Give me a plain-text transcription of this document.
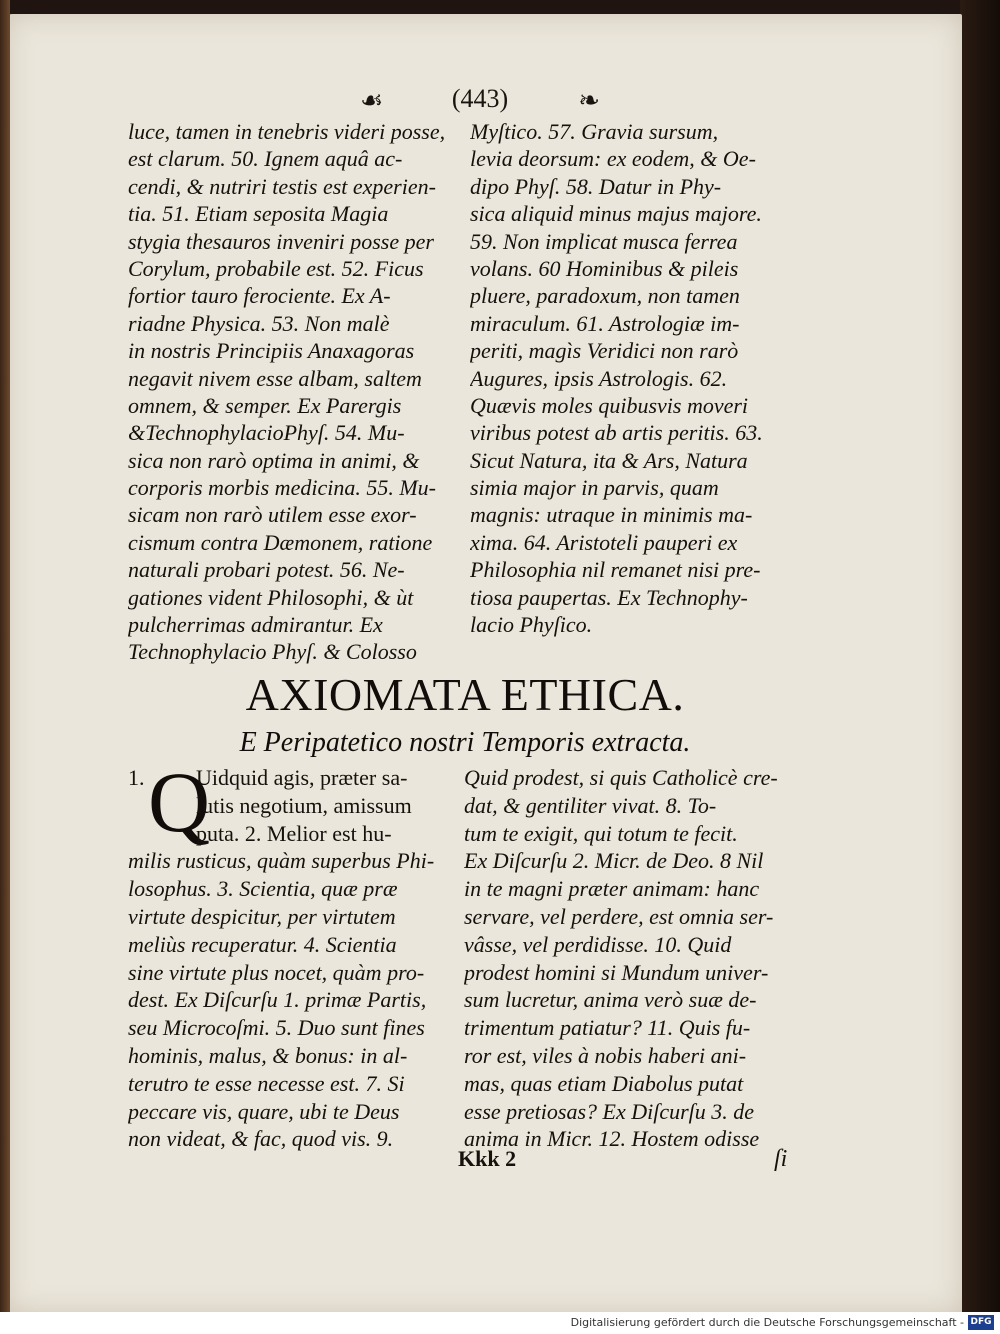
☙	(443)	❧
luce, tamen in tenebris videri posse,
est clarum. 50. Ignem aquâ ac-
cendi, & nutriri testis est experien-
tia. 51. Etiam seposita Magia
stygia thesauros inveniri posse per
Corylum, probabile est. 52. Ficus
fortior tauro ferociente. Ex A-
riadne Physica. 53. Non malè
in nostris Principiis Anaxagoras
negavit nivem esse albam, saltem
omnem, & semper. Ex Parergis
&TechnophylacioPhyſ. 54. Mu-
sica non rarò optima in animi, &
corporis morbis medicina. 55. Mu-
sicam non rarò utilem esse exor-
cismum contra Dæmonem, ratione
naturali probari potest. 56. Ne-
gationes vident Philosophi, & ùt
pulcherrimas admirantur. Ex
Technophylacio Phyſ. & Colosso
Myſtico. 57. Gravia sursum,
levia deorsum: ex eodem, & Oe-
dipo Phyſ. 58. Datur in Phy-
sica aliquid minus majus majore.
59. Non implicat musca ferrea
volans. 60 Hominibus & pileis
pluere, paradoxum, non tamen
miraculum. 61. Astrologiæ im-
periti, magìs Veridici non rarò
Augures, ipsis Astrologis. 62.
Quævis moles quibusvis moveri
viribus potest ab artis peritis. 63.
Sicut Natura, ita & Ars, Natura
simia major in parvis, quam
magnis: utraque in minimis ma-
xima. 64. Aristoteli pauperi ex
Philosophia nil remanet nisi pre-
tiosa paupertas. Ex Technophy-
lacio Phyſico.
AXIOMATA ETHICA.
E Peripatetico nostri Temporis extracta.
Q
1.
milis rusticus, quàm superbus Phi-
losophus. 3. Scientia, quæ præ
virtute despicitur, per virtutem
meliùs recuperatur. 4. Scientia
sine virtute plus nocet, quàm pro-
dest. Ex Diſcurſu 1. primæ Partis,
seu Microcoſmi. 5. Duo sunt fines
hominis, malus, & bonus: in al-
terutro te esse necesse est. 7. Si
peccare vis, quare, ubi te Deus
non videat, & fac, quod vis. 9.
Uidquid agis, præter sa-
lutis negotium, amissum
puta. 2. Melior est hu-
Quid prodest, si quis Catholicè cre-
dat, & gentiliter vivat. 8. To-
tum te exigit, qui totum te fecit.
Ex Diſcurſu 2. Micr. de Deo. 8 Nil
in te magni præter animam: hanc
servare, vel perdere, est omnia ser-
vâsse, vel perdidisse. 10. Quid
prodest homini si Mundum univer-
sum lucretur, anima verò suæ de-
trimentum patiatur? 11. Quis fu-
ror est, viles à nobis haberi ani-
mas, quas etiam Diabolus putat
esse pretiosas? Ex Diſcurſu 3. de
anima in Micr. 12. Hostem odisse
Kkk 2	ſi
Digitalisierung gefördert durch die Deutsche Forschungsgemeinschaft - DFG
